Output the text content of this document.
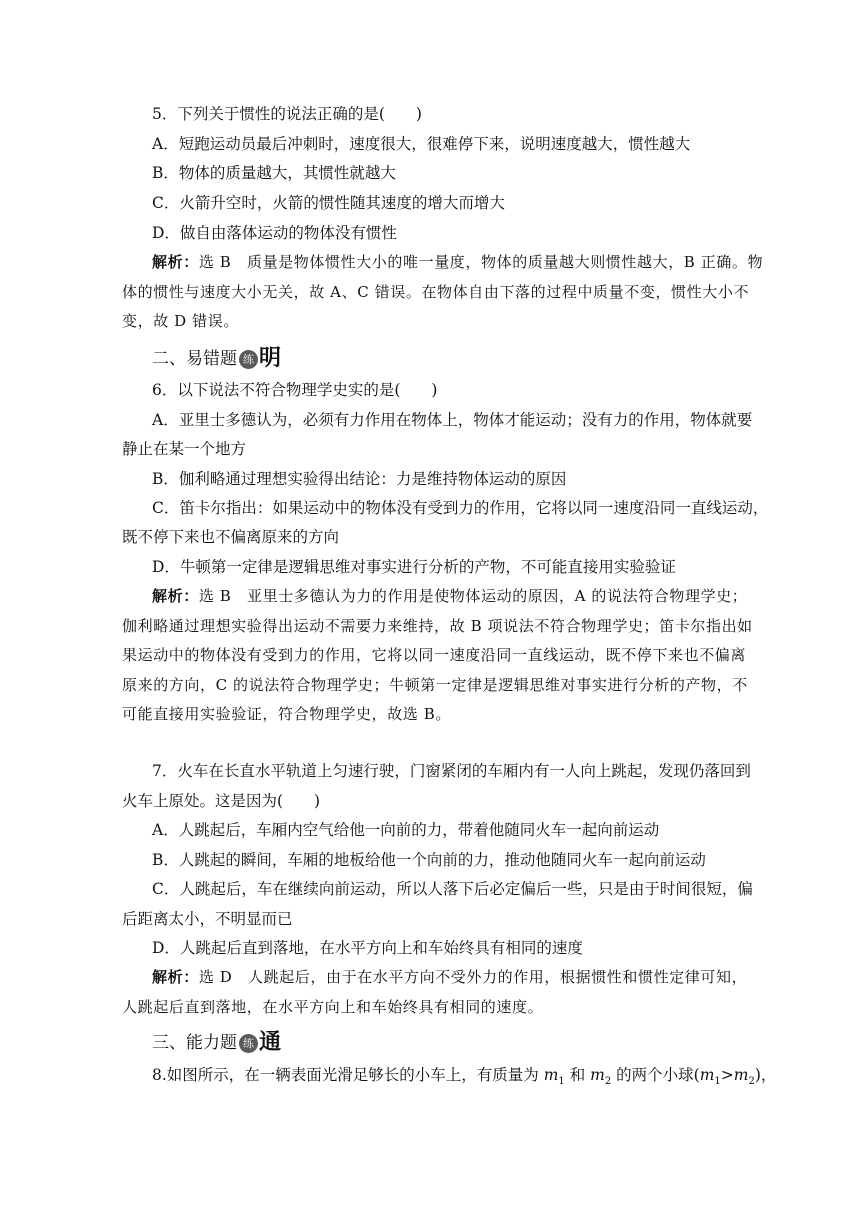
5．下列关于惯性的说法正确的是(　　)
A．短跑运动员最后冲刺时，速度很大，很难停下来，说明速度越大，惯性越大
B．物体的质量越大，其惯性就越大
C．火箭升空时，火箭的惯性随其速度的增大而增大
D．做自由落体运动的物体没有惯性
解析：选 B　质量是物体惯性大小的唯一量度，物体的质量越大则惯性越大，B 正确。物
体的惯性与速度大小无关，故 A、C 错误。在物体自由下落的过程中质量不变，惯性大小不
变，故 D 错误。
二、易错题 练 明
6．以下说法不符合物理学史实的是(　　)
A．亚里士多德认为，必须有力作用在物体上，物体才能运动；没有力的作用，物体就要
静止在某一个地方
B．伽利略通过理想实验得出结论：力是维持物体运动的原因
C．笛卡尔指出：如果运动中的物体没有受到力的作用，它将以同一速度沿同一直线运动，
既不停下来也不偏离原来的方向
D．牛顿第一定律是逻辑思维对事实进行分析的产物，不可能直接用实验验证
解析：选 B　亚里士多德认为力的作用是使物体运动的原因，A 的说法符合物理学史；
伽利略通过理想实验得出运动不需要力来维持，故 B 项说法不符合物理学史；笛卡尔指出如
果运动中的物体没有受到力的作用，它将以同一速度沿同一直线运动，既不停下来也不偏离
原来的方向，C 的说法符合物理学史；牛顿第一定律是逻辑思维对事实进行分析的产物，不
可能直接用实验验证，符合物理学史，故选 B。
7．火车在长直水平轨道上匀速行驶，门窗紧闭的车厢内有一人向上跳起，发现仍落回到
火车上原处。这是因为(　　)
A．人跳起后，车厢内空气给他一向前的力，带着他随同火车一起向前运动
B．人跳起的瞬间，车厢的地板给他一个向前的力，推动他随同火车一起向前运动
C．人跳起后，车在继续向前运动，所以人落下后必定偏后一些，只是由于时间很短，偏
后距离太小，不明显而已
D．人跳起后直到落地，在水平方向上和车始终具有相同的速度
解析：选 D　人跳起后，由于在水平方向不受外力的作用，根据惯性和惯性定律可知，
人跳起后直到落地，在水平方向上和车始终具有相同的速度。
三、能力题 练 通
8.如图所示，在一辆表面光滑足够长的小车上，有质量为 $m_1$ 和 $m_2$ 的两个小球$(m_1>m_2)$，
